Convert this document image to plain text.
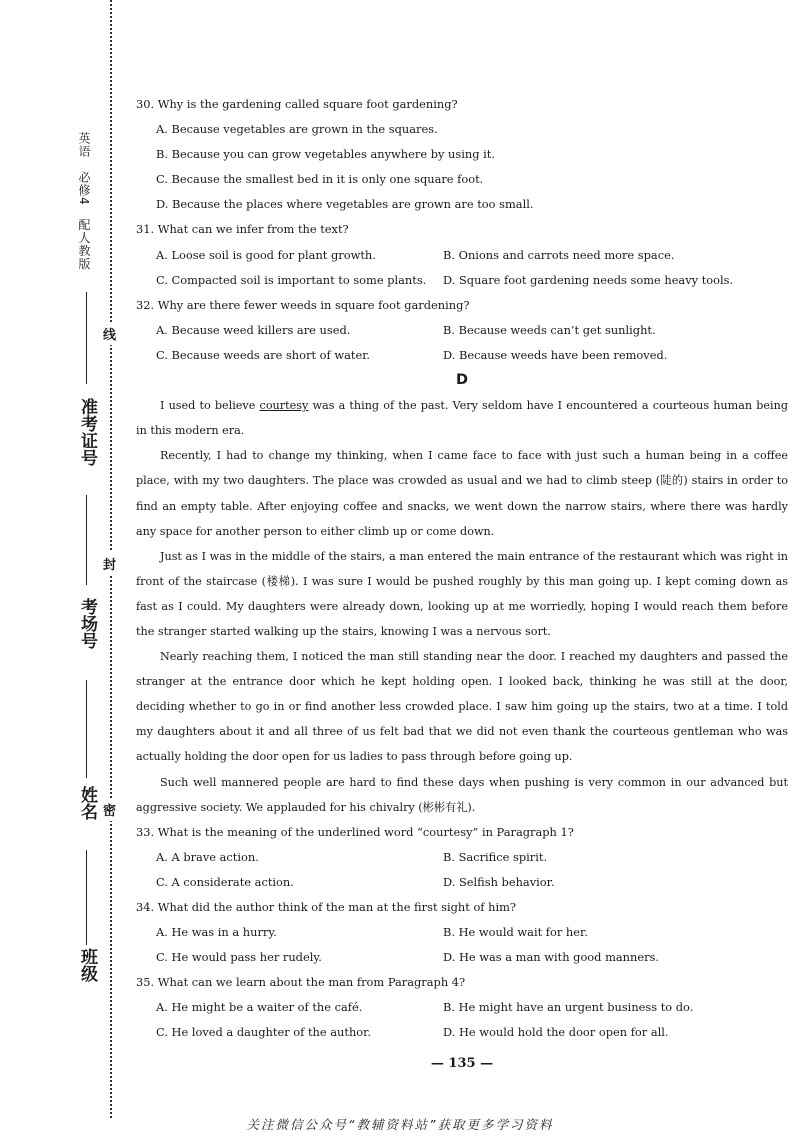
英语　必修4　配人教版
准考证号
考场号
姓名
班级
线
封
密
30. Why is the gardening called square foot gardening?
A. Because vegetables are grown in the squares.
B. Because you can grow vegetables anywhere by using it.
C. Because the smallest bed in it is only one square foot.
D. Because the places where vegetables are grown are too small.
31. What can we infer from the text?
A. Loose soil is good for plant growth.	B. Onions and carrots need more space.
C. Compacted soil is important to some plants.	D. Square foot gardening needs some heavy tools.
32. Why are there fewer weeds in square foot gardening?
A. Because weed killers are used.	B. Because weeds can’t get sunlight.
C. Because weeds are short of water.	D. Because weeds have been removed.
D

I used to believe courtesy was a thing of the past. Very seldom have I encountered a courteous human being in this modern era.

Recently, I had to change my thinking, when I came face to face with just such a human being in a coffee place, with my two daughters. The place was crowded as usual and we had to climb steep (陡的) stairs in order to find an empty table. After enjoying coffee and snacks, we went down the narrow stairs, where there was hardly any space for another person to either climb up or come down.

Just as I was in the middle of the stairs, a man entered the main entrance of the restaurant which was right in front of the staircase (楼梯). I was sure I would be pushed roughly by this man going up. I kept coming down as fast as I could. My daughters were already down, looking up at me worriedly, hoping I would reach them before the stranger started walking up the stairs, knowing I was a nervous sort.

Nearly reaching them, I noticed the man still standing near the door. I reached my daughters and passed the stranger at the entrance door which he kept holding open. I looked back, thinking he was still at the door, deciding whether to go in or find another less crowded place. I saw him going up the stairs, two at a time. I told my daughters about it and all three of us felt bad that we did not even thank the courteous gentleman who was actually holding the door open for us ladies to pass through before going up.

Such well mannered people are hard to find these days when pushing is very common in our advanced but aggressive society. We applauded for his chivalry (彬彬有礼).

33. What is the meaning of the underlined word “courtesy” in Paragraph 1?
A. A brave action.	B. Sacrifice spirit.
C. A considerate action.	D. Selfish behavior.
34. What did the author think of the man at the first sight of him?
A. He was in a hurry.	B. He would wait for her.
C. He would pass her rudely.	D. He was a man with good manners.
35. What can we learn about the man from Paragraph 4?
A. He might be a waiter of the café.	B. He might have an urgent business to do.
C. He loved a daughter of the author.	D. He would hold the door open for all.
— 135 —
关注微信公众号“教辅资料站”获取更多学习资料
